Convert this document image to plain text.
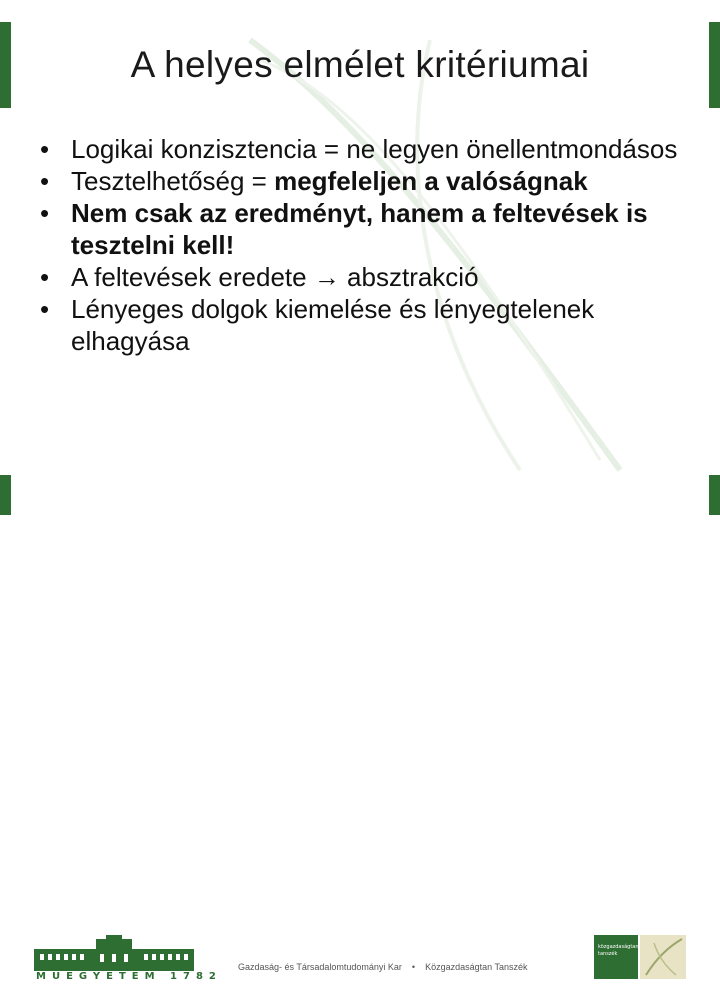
A helyes elmélet kritériumai
• Logikai konzisztencia = ne legyen önellentmondásos
• Tesztelhetőség = megfeleljen a valóságnak
• Nem csak az eredményt, hanem a feltevések is tesztelni kell!
• A feltevések eredete → absztrakció
• Lényeges dolgok kiemelése és lényegtelenek elhagyása
MŰEGYETEM 1782
Gazdaság- és Társadalomtudományi Kar • Közgazdaságtan Tanszék
közgazdaságtan tanszék
